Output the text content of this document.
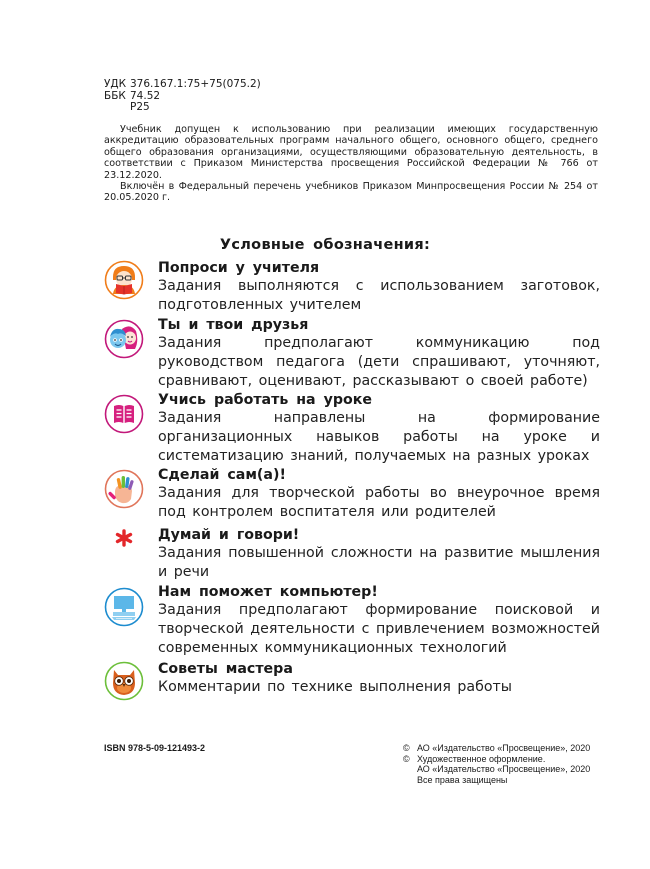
УДК 376.167.1:75+75(075.2)
ББК 74.52
Р25

Учебник допущен к использованию при реализации имеющих государственную аккредитацию образовательных программ начального общего, основного общего, среднего общего образования организациями, осуществляющими образовательную деятельность, в соответствии с Приказом Министерства просвещения Российской Федерации № 766 от 23.12.2020.

Включён в Федеральный перечень учебников Приказом Минпросвещения России № 254 от 20.05.2020 г.

Условные обозначения:
Попроси у учителя
Задания выполняются с использованием заготовок, подготовленных учителем
Ты и твои друзья
Задания предполагают коммуникацию под руководством педагога (дети спрашивают, уточняют, сравнивают, оценивают, рассказывают о своей работе)
Учись работать на уроке
Задания направлены на формирование организационных навыков работы на уроке и систематизацию знаний, получаемых на разных уроках
Сделай сам(а)!
Задания для творческой работы во внеурочное время под контролем воспитателя или родителей
Думай и говори!
Задания повышенной сложности на развитие мышления и речи
Нам поможет компьютер!
Задания предполагают формирование поисковой и творческой деятельности с привлечением возможностей современных коммуникационных технологий
Советы мастера
Комментарии по технике выполнения работы
ISBN 978-5-09-121493-2	© АО «Издательство «Просвещение», 2020
© Художественное оформление.
АО «Издательство «Просвещение», 2020
Все права защищены
